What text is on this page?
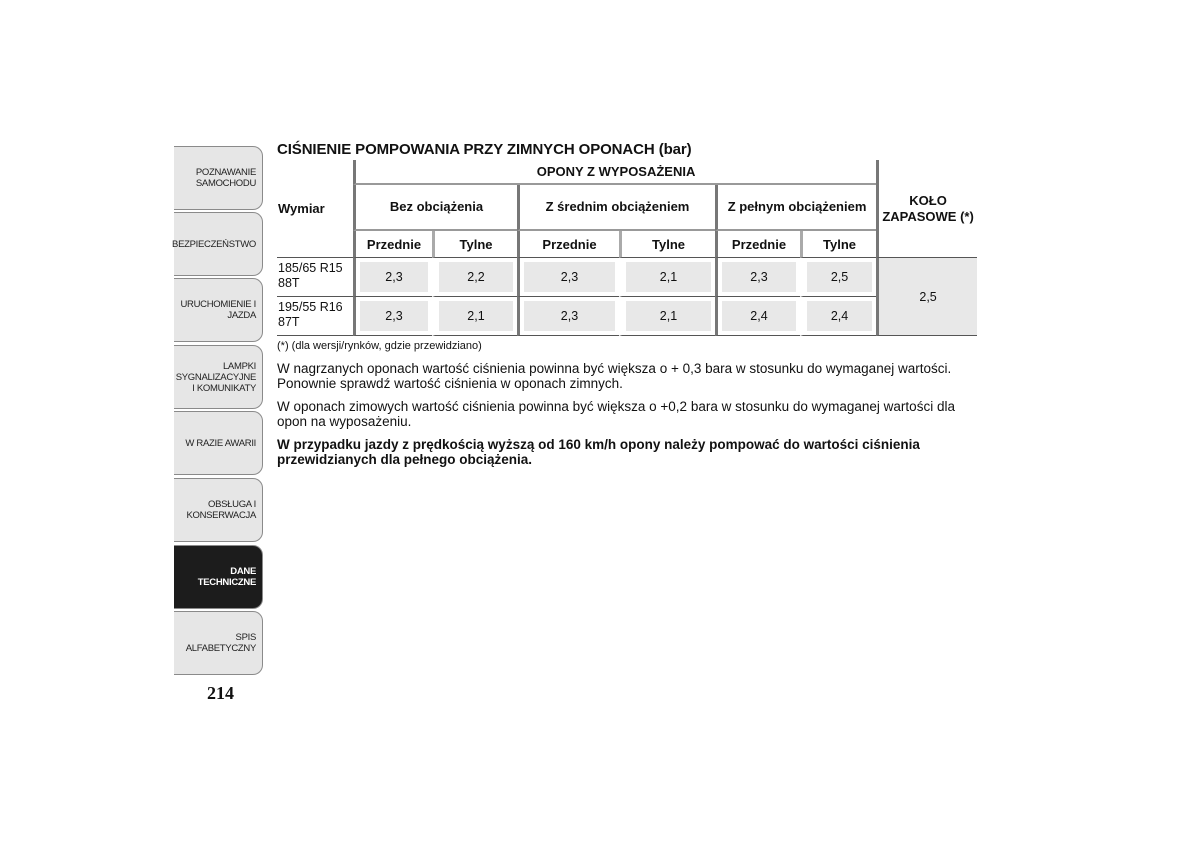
POZNAWANIE SAMOCHODU
BEZPIECZEŃSTWO
URUCHOMIENIE I JAZDA
LAMPKI SYGNALIZACYJNE I KOMUNIKATY
W RAZIE AWARII
OBSŁUGA I KONSERWACJA
DANE TECHNICZNE
SPIS ALFABETYCZNY
214
CIŚNIENIE POMPOWANIA PRZY ZIMNYCH OPONACH (bar)
Wymiar	OPONY Z WYPOSAŻENIA						KOŁO ZAPASOWE (*)
	Bez obciążenia		Z średnim obciążeniem		Z pełnym obciążeniem		
	Przednie	Tylne	Przednie	Tylne	Przednie	Tylne	
185/65 R15 88T	2,3	2,2	2,3	2,1	2,3	2,5	2,5
195/55 R16 87T	2,3	2,1	2,3	2,1	2,4	2,4	
(*) (dla wersji/rynków, gdzie przewidziano)

W nagrzanych oponach wartość ciśnienia powinna być większa o + 0,3 bara w stosunku do wymaganej wartości. Ponownie sprawdź wartość ciśnienia w oponach zimnych.

W oponach zimowych wartość ciśnienia powinna być większa o +0,2 bara w stosunku do wymaganej wartości dla opon na wyposażeniu.

W przypadku jazdy z prędkością wyższą od 160 km/h opony należy pompować do wartości ciśnienia przewidzianych dla pełnego obciążenia.
